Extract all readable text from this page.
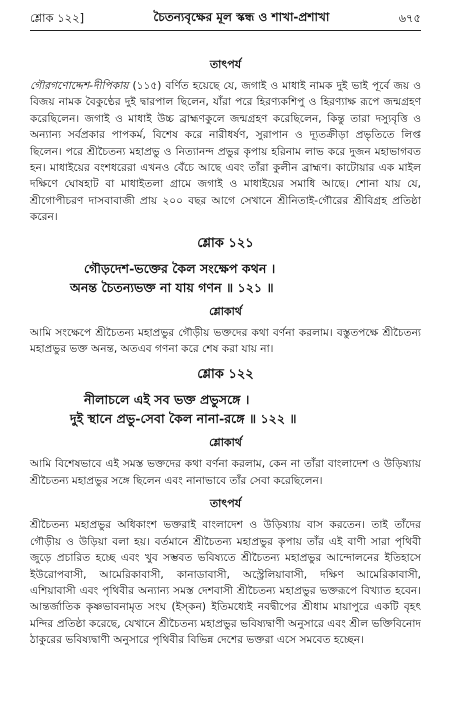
শ্লোক ১২২]	চৈতন্যবৃক্ষের মূল স্কন্ধ ও শাখা-প্রশাখা	৬৭৫
তাৎপর্য

গৌরগণোদ্দেশ-দীপিকায় (১১৫) বর্ণিত হয়েছে যে, জগাই ও মাধাই নামক দুই ভাই পূর্বে জয় ও বিজয় নামক বৈকুণ্ঠের দুই দ্বারপাল ছিলেন, যাঁরা পরে হিরণ্যকশিপু ও হিরণ্যাক্ষ রূপে জন্মগ্রহণ করেছিলেন। জগাই ও মাধাই উচ্চ ব্রাহ্মণকুলে জন্মগ্রহণ করেছিলেন, কিন্তু তারা দস্যুবৃত্তি ও অন্যান্য সর্বপ্রকার পাপকর্ম, বিশেষ করে নারীধর্ষণ, সুরাপান ও দ্যূতক্রীড়া প্রভৃতিতে লিপ্ত ছিলেন। পরে শ্রীচৈতন্য মহাপ্রভু ও নিত্যানন্দ প্রভুর কৃপায় হরিনাম লাভ করে দুজন মহাভাগবত হন। মাধাইয়ের বংশধরেরা এখনও বেঁচে আছে এবং তাঁরা কুলীন ব্রাহ্মণ। কাটোয়ার এক মাইল দক্ষিণে ঘোষহাট বা মাধাইতলা গ্রামে জগাই ও মাধাইয়ের সমাধি আছে। শোনা যায় যে, শ্রীগোপীচরণ দাসবাবাজী প্রায় ২০০ বছর আগে সেখানে শ্রীনিতাই-গৌরের শ্রীবিগ্রহ প্রতিষ্ঠা করেন।

শ্লোক ১২১
গৌড়দেশ-ভক্তের কৈল সংক্ষেপ কথন ।
অনন্ত চৈতন্যভক্ত না যায় গণন ॥ ১২১ ॥
শ্লোকার্থ

আমি সংক্ষেপে শ্রীচৈতন্য মহাপ্রভুর গৌড়ীয় ভক্তদের কথা বর্ণনা করলাম। বস্তুতপক্ষে শ্রীচৈতন্য মহাপ্রভুর ভক্ত অনন্ত, অতএব গণনা করে শেষ করা যায় না।

শ্লোক ১২২
নীলাচলে এই সব ভক্ত প্রভুসঙ্গে ।
দুই স্থানে প্রভু-সেবা কৈল নানা-রঙ্গে ॥ ১২২ ॥
শ্লোকার্থ

আমি বিশেষভাবে এই সমস্ত ভক্তদের কথা বর্ণনা করলাম, কেন না তাঁরা বাংলাদেশ ও উড়িষ্যায় শ্রীচৈতন্য মহাপ্রভুর সঙ্গে ছিলেন এবং নানাভাবে তাঁর সেবা করেছিলেন।

তাৎপর্য

শ্রীচৈতন্য মহাপ্রভুর অধিকাংশ ভক্তরাই বাংলাদেশ ও উড়িষ্যায় বাস করতেন। তাই তাঁদের গৌড়ীয় ও উড়িয়া বলা হয়। বর্তমানে শ্রীচৈতন্য মহাপ্রভুর কৃপায় তাঁর এই বাণী সারা পৃথিবী জুড়ে প্রচারিত হচ্ছে এবং খুব সম্ভবত ভবিষ্যতে শ্রীচৈতন্য মহাপ্রভুর আন্দোলনের ইতিহাসে ইউরোপবাসী, আমেরিকাবাসী, কানাডাবাসী, অস্ট্রেলিয়াবাসী, দক্ষিণ আমেরিকাবাসী, এশিয়াবাসী এবং পৃথিবীর অন্যান্য সমস্ত দেশবাসী শ্রীচৈতন্য মহাপ্রভুর ভক্তরূপে বিখ্যাত হবেন। আন্তর্জাতিক কৃষ্ণভাবনামৃত সংঘ (ইস্‌কন) ইতিমধ্যেই নবদ্বীপের শ্রীধাম মায়াপুরে একটি বৃহৎ মন্দির প্রতিষ্ঠা করেছে, যেখানে শ্রীচৈতন্য মহাপ্রভুর ভবিষ্যদ্বাণী অনুসারে এবং শ্রীল ভক্তিবিনোদ ঠাকুরের ভবিষ্যদ্বাণী অনুসারে পৃথিবীর বিভিন্ন দেশের ভক্তরা এসে সমবেত হচ্ছেন।
